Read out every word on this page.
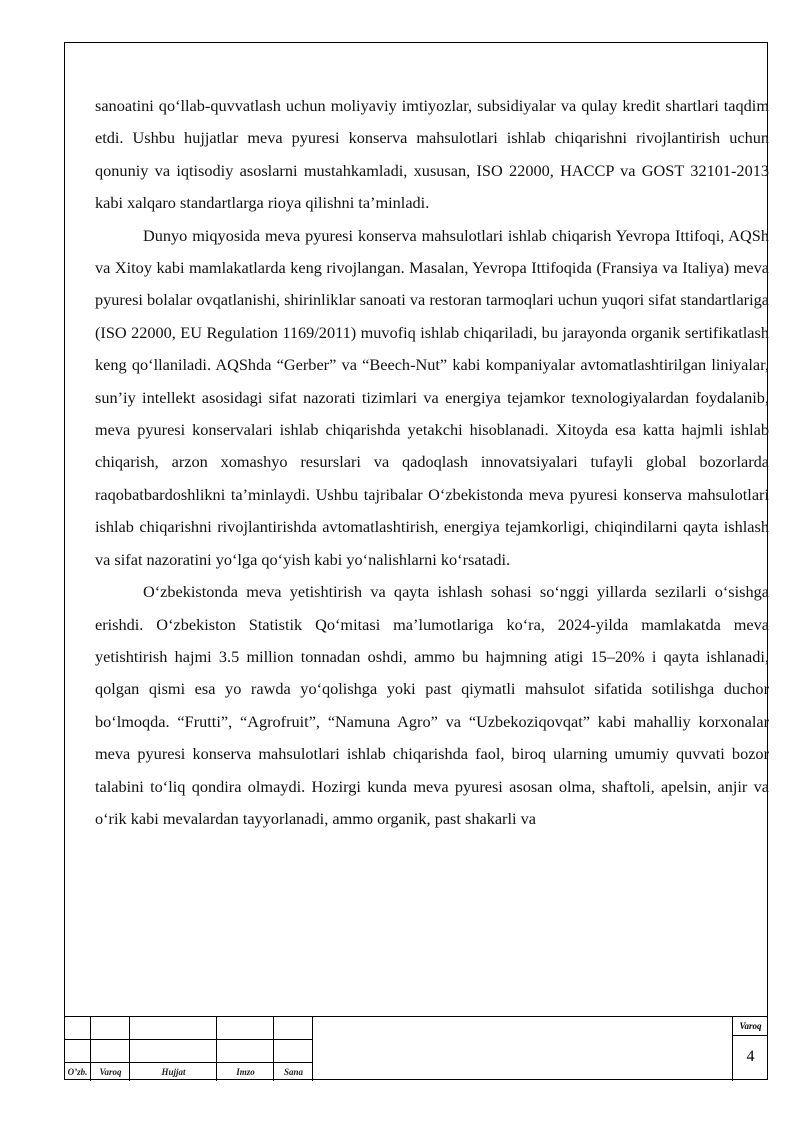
sanoatini qo‘llab-quvvatlash uchun moliyaviy imtiyozlar, subsidiyalar va qulay kredit shartlari taqdim etdi. Ushbu hujjatlar meva pyuresi konserva mahsulotlari ishlab chiqarishni rivojlantirish uchun qonuniy va iqtisodiy asoslarni mustahkamladi, xususan, ISO 22000, HACCP va GOST 32101-2013 kabi xalqaro standartlarga rioya qilishni ta’minladi.

Dunyo miqyosida meva pyuresi konserva mahsulotlari ishlab chiqarish Yevropa Ittifoqi, AQSh va Xitoy kabi mamlakatlarda keng rivojlangan. Masalan, Yevropa Ittifoqida (Fransiya va Italiya) meva pyuresi bolalar ovqatlanishi, shirinliklar sanoati va restoran tarmoqlari uchun yuqori sifat standartlariga (ISO 22000, EU Regulation 1169/2011) muvofiq ishlab chiqariladi, bu jarayonda organik sertifikatlash keng qo‘llaniladi. AQShda “Gerber” va “Beech-Nut” kabi kompaniyalar avtomatlashtirilgan liniyalar, sun’iy intellekt asosidagi sifat nazorati tizimlari va energiya tejamkor texnologiyalardan foydalanib, meva pyuresi konservalari ishlab chiqarishda yetakchi hisoblanadi. Xitoyda esa katta hajmli ishlab chiqarish, arzon xomashyo resurslari va qadoqlash innovatsiyalari tufayli global bozorlarda raqobatbardoshlikni ta’minlaydi. Ushbu tajribalar O‘zbekistonda meva pyuresi konserva mahsulotlari ishlab chiqarishni rivojlantirishda avtomatlashtirish, energiya tejamkorligi, chiqindilarni qayta ishlash va sifat nazoratini yo‘lga qo‘yish kabi yo‘nalishlarni ko‘rsatadi.

O‘zbekistonda meva yetishtirish va qayta ishlash sohasi so‘nggi yillarda sezilarli o‘sishga erishdi. O‘zbekiston Statistik Qo‘mitasi ma’lumotlariga ko‘ra, 2024-yilda mamlakatda meva yetishtirish hajmi 3.5 million tonnadan oshdi, ammo bu hajmning atigi 15–20% i qayta ishlanadi, qolgan qismi esa yo rawda yo‘qolishga yoki past qiymatli mahsulot sifatida sotilishga duchor bo‘lmoqda. “Frutti”, “Agrofruit”, “Namuna Agro” va “Uzbekoziqovqat” kabi mahalliy korxonalar meva pyuresi konserva mahsulotlari ishlab chiqarishda faol, biroq ularning umumiy quvvati bozor talabini to‘liq qondira olmaydi. Hozirgi kunda meva pyuresi asosan olma, shaftoli, apelsin, anjir va o‘rik kabi mevalardan tayyorlanadi, ammo organik, past shakarli va

O’zb.	Varoq	Hujjat	Imzo	Sana
Varoq
4
